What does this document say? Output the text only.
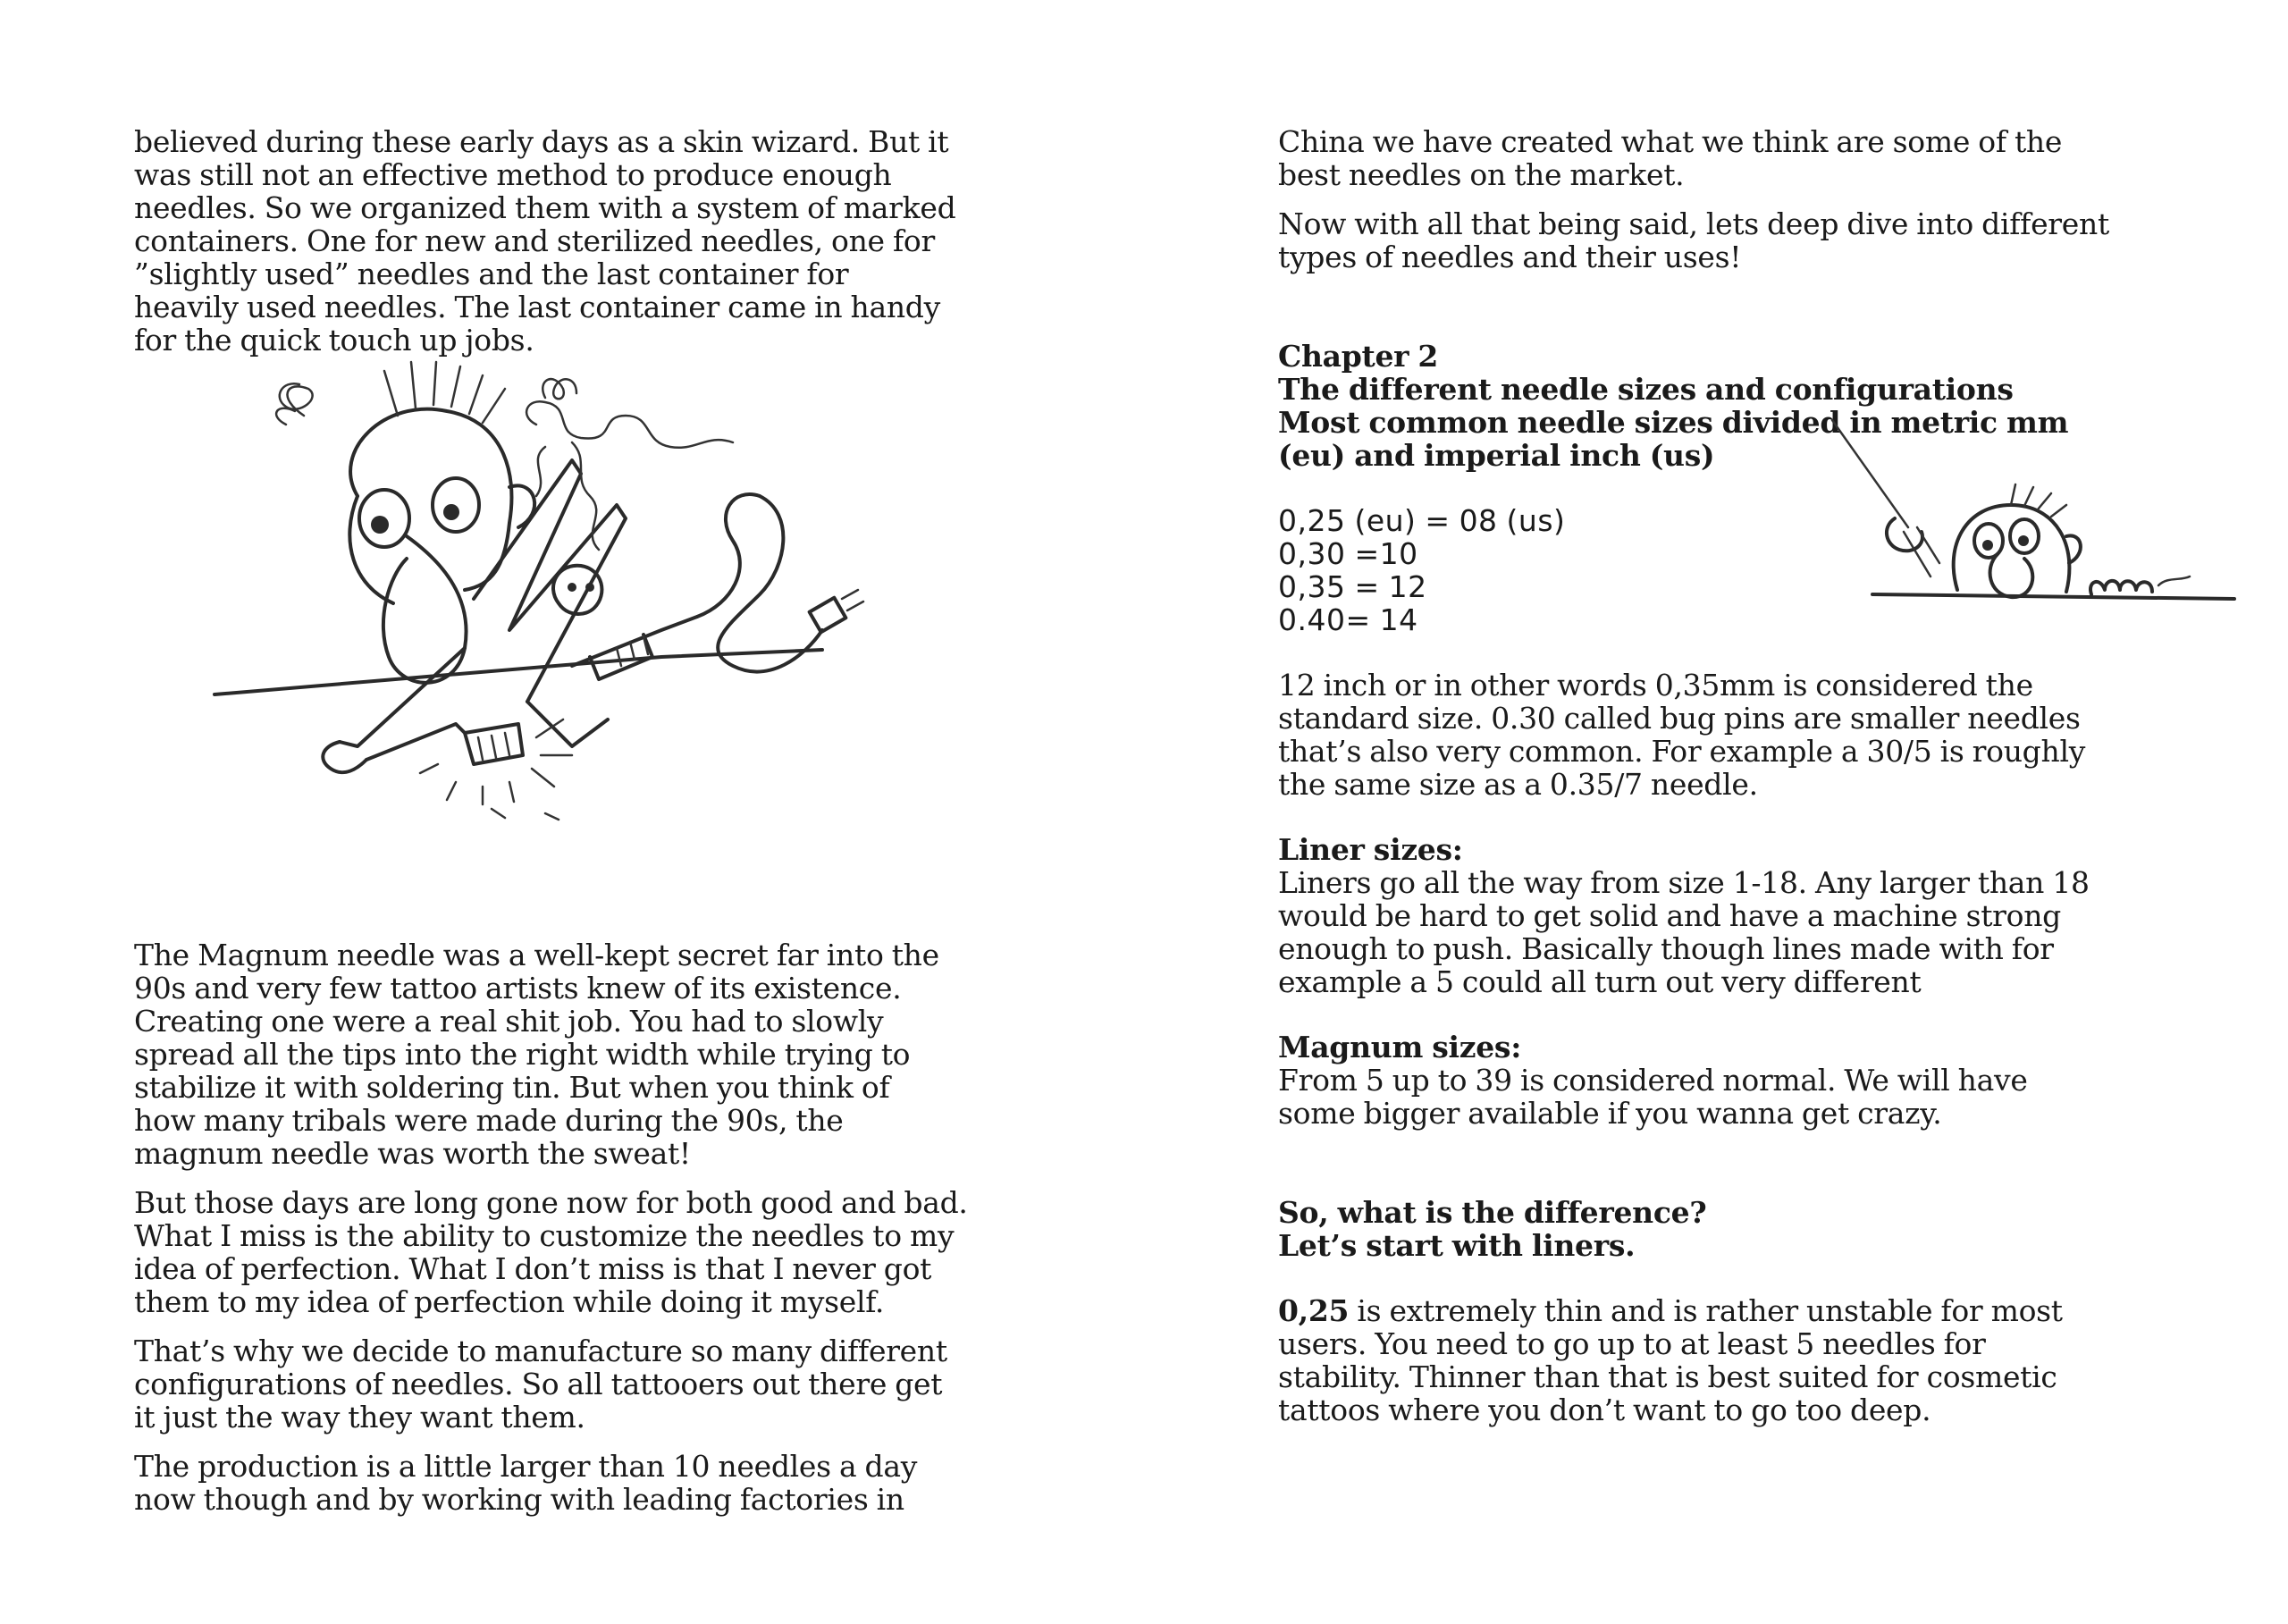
believed during these early days as a skin wizard. But it
was still not an effective method to produce enough
needles. So we organized them with a system of marked
containers. One for new and sterilized needles, one for
”slightly used” needles and the last container for
heavily used needles. The last container came in handy
for the quick touch up jobs.
The Magnum needle was a well-kept secret far into the
90s and very few tattoo artists knew of its existence.
Creating one were a real shit job. You had to slowly
spread all the tips into the right width while trying to
stabilize it with soldering tin. But when you think of
how many tribals were made during the 90s, the
magnum needle was worth the sweat!
But those days are long gone now for both good and bad.
What I miss is the ability to customize the needles to my
idea of perfection. What I don’t miss is that I never got
them to my idea of perfection while doing it myself.
That’s why we decide to manufacture so many different
configurations of needles. So all tattooers out there get
it just the way they want them.
The production is a little larger than 10 needles a day
now though and by working with leading factories in
China we have created what we think are some of the
best needles on the market.
Now with all that being said, lets deep dive into different
types of needles and their uses!
Chapter 2
The different needle sizes and configurations
Most common needle sizes divided in metric mm
(eu) and imperial inch (us)
0,25 (eu) = 08 (us)
0,30 =10
0,35 = 12
0.40= 14
12 inch or in other words 0,35mm is considered the
standard size. 0.30 called bug pins are smaller needles
that’s also very common. For example a 30/5 is roughly
the same size as a 0.35/7 needle.
Liner sizes:
Liners go all the way from size 1-18. Any larger than 18
would be hard to get solid and have a machine strong
enough to push. Basically though lines made with for
example a 5 could all turn out very different
Magnum sizes:
From 5 up to 39 is considered normal. We will have
some bigger available if you wanna get crazy.
So, what is the difference?
Let’s start with liners.
0,25 is extremely thin and is rather unstable for most
users. You need to go up to at least 5 needles for
stability. Thinner than that is best suited for cosmetic
tattoos where you don’t want to go too deep.
